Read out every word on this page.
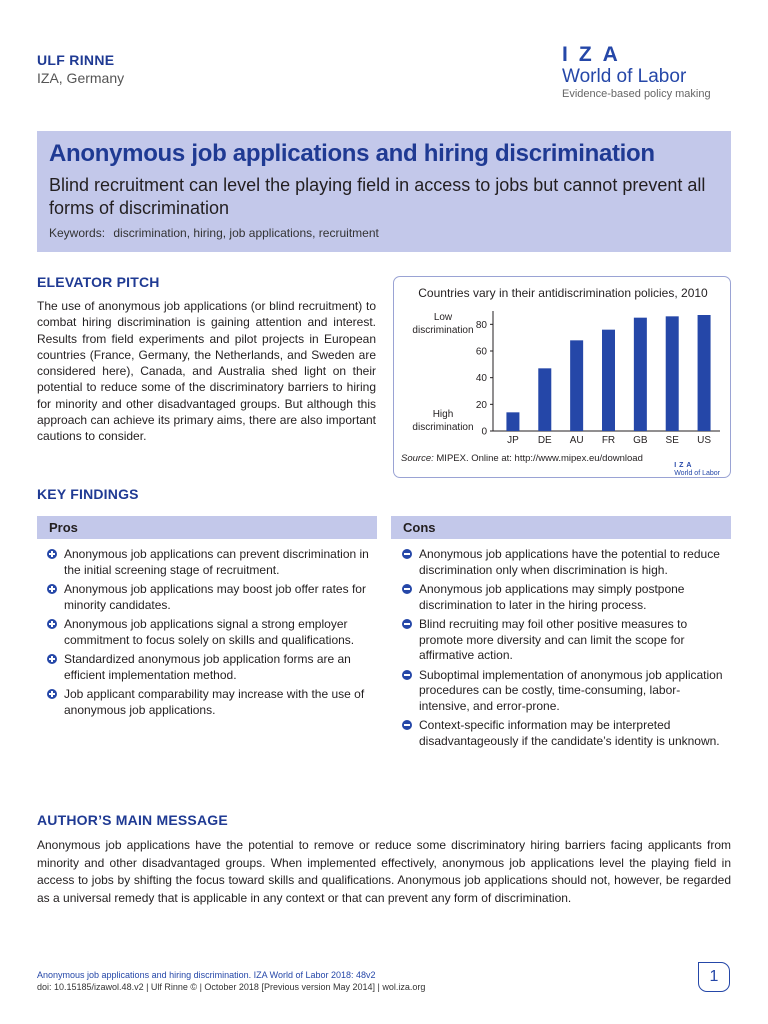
ULF RINNE
IZA, Germany
IZA
World of Labor
Evidence-based policy making
Anonymous job applications and hiring discrimination
Blind recruitment can level the playing field in access to jobs but cannot prevent all forms of discrimination
Keywords: discrimination, hiring, job applications, recruitment
ELEVATOR PITCH
The use of anonymous job applications (or blind recruitment) to combat hiring discrimination is gaining attention and interest. Results from field experiments and pilot projects in European countries (France, Germany, the Netherlands, and Sweden are considered here), Canada, and Australia shed light on their potential to reduce some of the discriminatory barriers to hiring for minority and other disadvantaged groups. But although this approach can achieve its primary aims, there are also important cautions to consider.
Countries vary in their antidiscrimination policies, 2010
Low discrimination
High discrimination 0
20
40
60
80
JP DE AU FR GB SE US
Source: MIPEX. Online at: http://www.mipex.eu/download
IZA
World of Labor
KEY FINDINGS
Pros
Anonymous job applications can prevent discrimination in the initial screening stage of recruitment.
Anonymous job applications may boost job offer rates for minority candidates.
Anonymous job applications signal a strong employer commitment to focus solely on skills and qualifications.
Standardized anonymous job application forms are an efficient implementation method.
Job applicant comparability may increase with the use of anonymous job applications.
Cons
Anonymous job applications have the potential to reduce discrimination only when discrimination is high.
Anonymous job applications may simply postpone discrimination to later in the hiring process.
Blind recruiting may foil other positive measures to promote more diversity and can limit the scope for affirmative action.
Suboptimal implementation of anonymous job application procedures can be costly, time-consuming, labor-intensive, and error-prone.
Context-specific information may be interpreted disadvantageously if the candidate’s identity is unknown.
AUTHOR’S MAIN MESSAGE
Anonymous job applications have the potential to remove or reduce some discriminatory hiring barriers facing applicants from minority and other disadvantaged groups. When implemented effectively, anonymous job applications level the playing field in access to jobs by shifting the focus toward skills and qualifications. Anonymous job applications should not, however, be regarded as a universal remedy that is applicable in any context or that can prevent any form of discrimination.
Anonymous job applications and hiring discrimination. IZA World of Labor 2018: 48v2
doi: 10.15185/izawol.48.v2 | Ulf Rinne © | October 2018 [Previous version May 2014] | wol.iza.org
1
